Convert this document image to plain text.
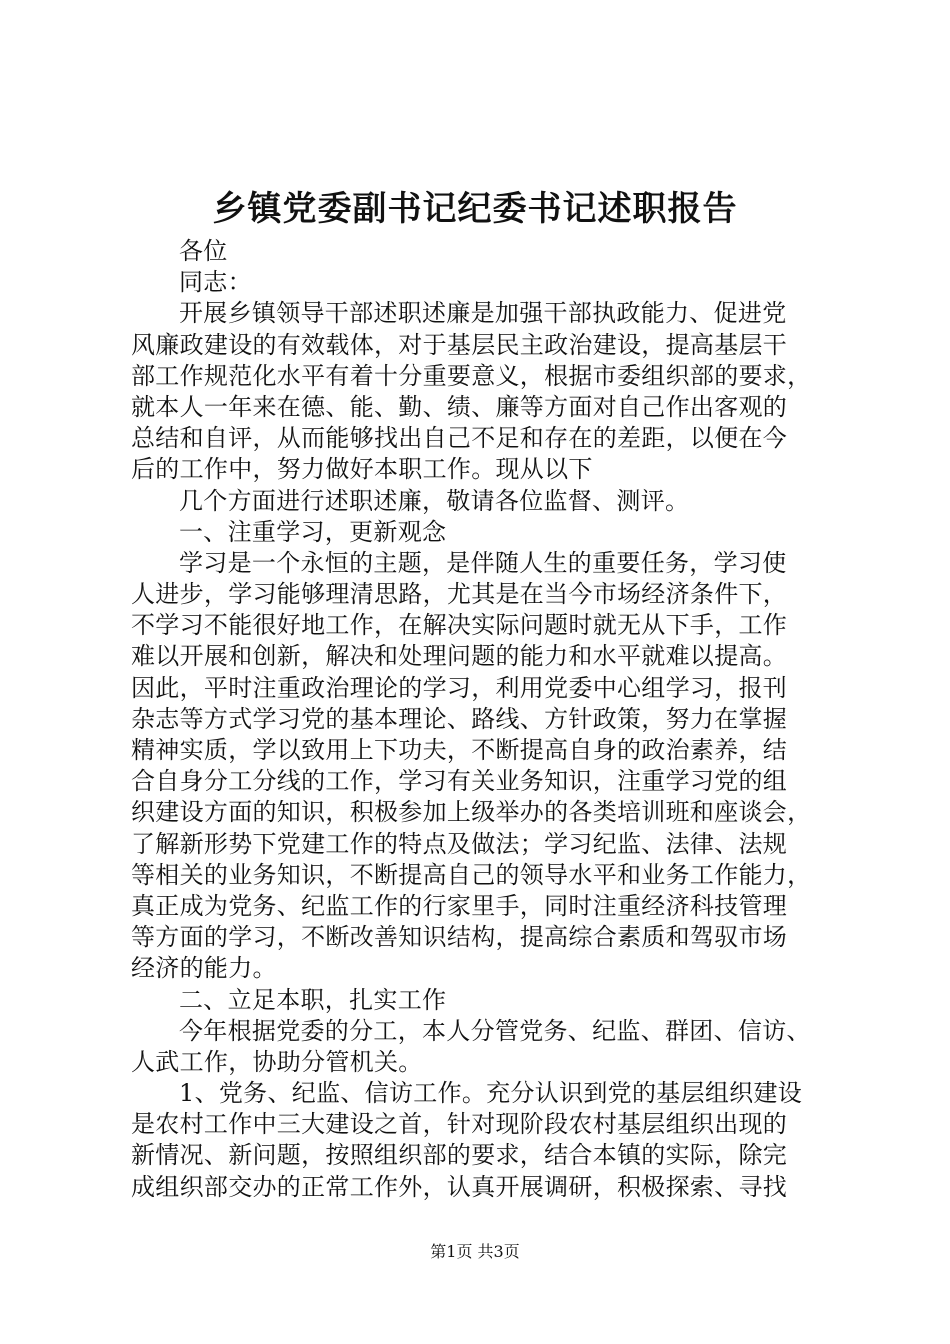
乡镇党委副书记纪委书记述职报告
各位
同志：
开展乡镇领导干部述职述廉是加强干部执政能力、促进党
风廉政建设的有效载体，对于基层民主政治建设，提高基层干
部工作规范化水平有着十分重要意义，根据市委组织部的要求，
就本人一年来在德、能、勤、绩、廉等方面对自己作出客观的
总结和自评，从而能够找出自己不足和存在的差距，以便在今
后的工作中，努力做好本职工作。现从以下
几个方面进行述职述廉，敬请各位监督、测评。
一、注重学习，更新观念
学习是一个永恒的主题，是伴随人生的重要任务，学习使
人进步，学习能够理清思路，尤其是在当今市场经济条件下，
不学习不能很好地工作，在解决实际问题时就无从下手，工作
难以开展和创新，解决和处理问题的能力和水平就难以提高。
因此，平时注重政治理论的学习，利用党委中心组学习，报刊
杂志等方式学习党的基本理论、路线、方针政策，努力在掌握
精神实质，学以致用上下功夫，不断提高自身的政治素养，结
合自身分工分线的工作，学习有关业务知识，注重学习党的组
织建设方面的知识，积极参加上级举办的各类培训班和座谈会，
了解新形势下党建工作的特点及做法；学习纪监、法律、法规
等相关的业务知识，不断提高自己的领导水平和业务工作能力，
真正成为党务、纪监工作的行家里手，同时注重经济科技管理
等方面的学习，不断改善知识结构，提高综合素质和驾驭市场
经济的能力。
二、立足本职，扎实工作
今年根据党委的分工，本人分管党务、纪监、群团、信访、
人武工作，协助分管机关。
1、党务、纪监、信访工作。充分认识到党的基层组织建设
是农村工作中三大建设之首，针对现阶段农村基层组织出现的
新情况、新问题，按照组织部的要求，结合本镇的实际，除完
成组织部交办的正常工作外，认真开展调研，积极探索、寻找
第1页 共3页
